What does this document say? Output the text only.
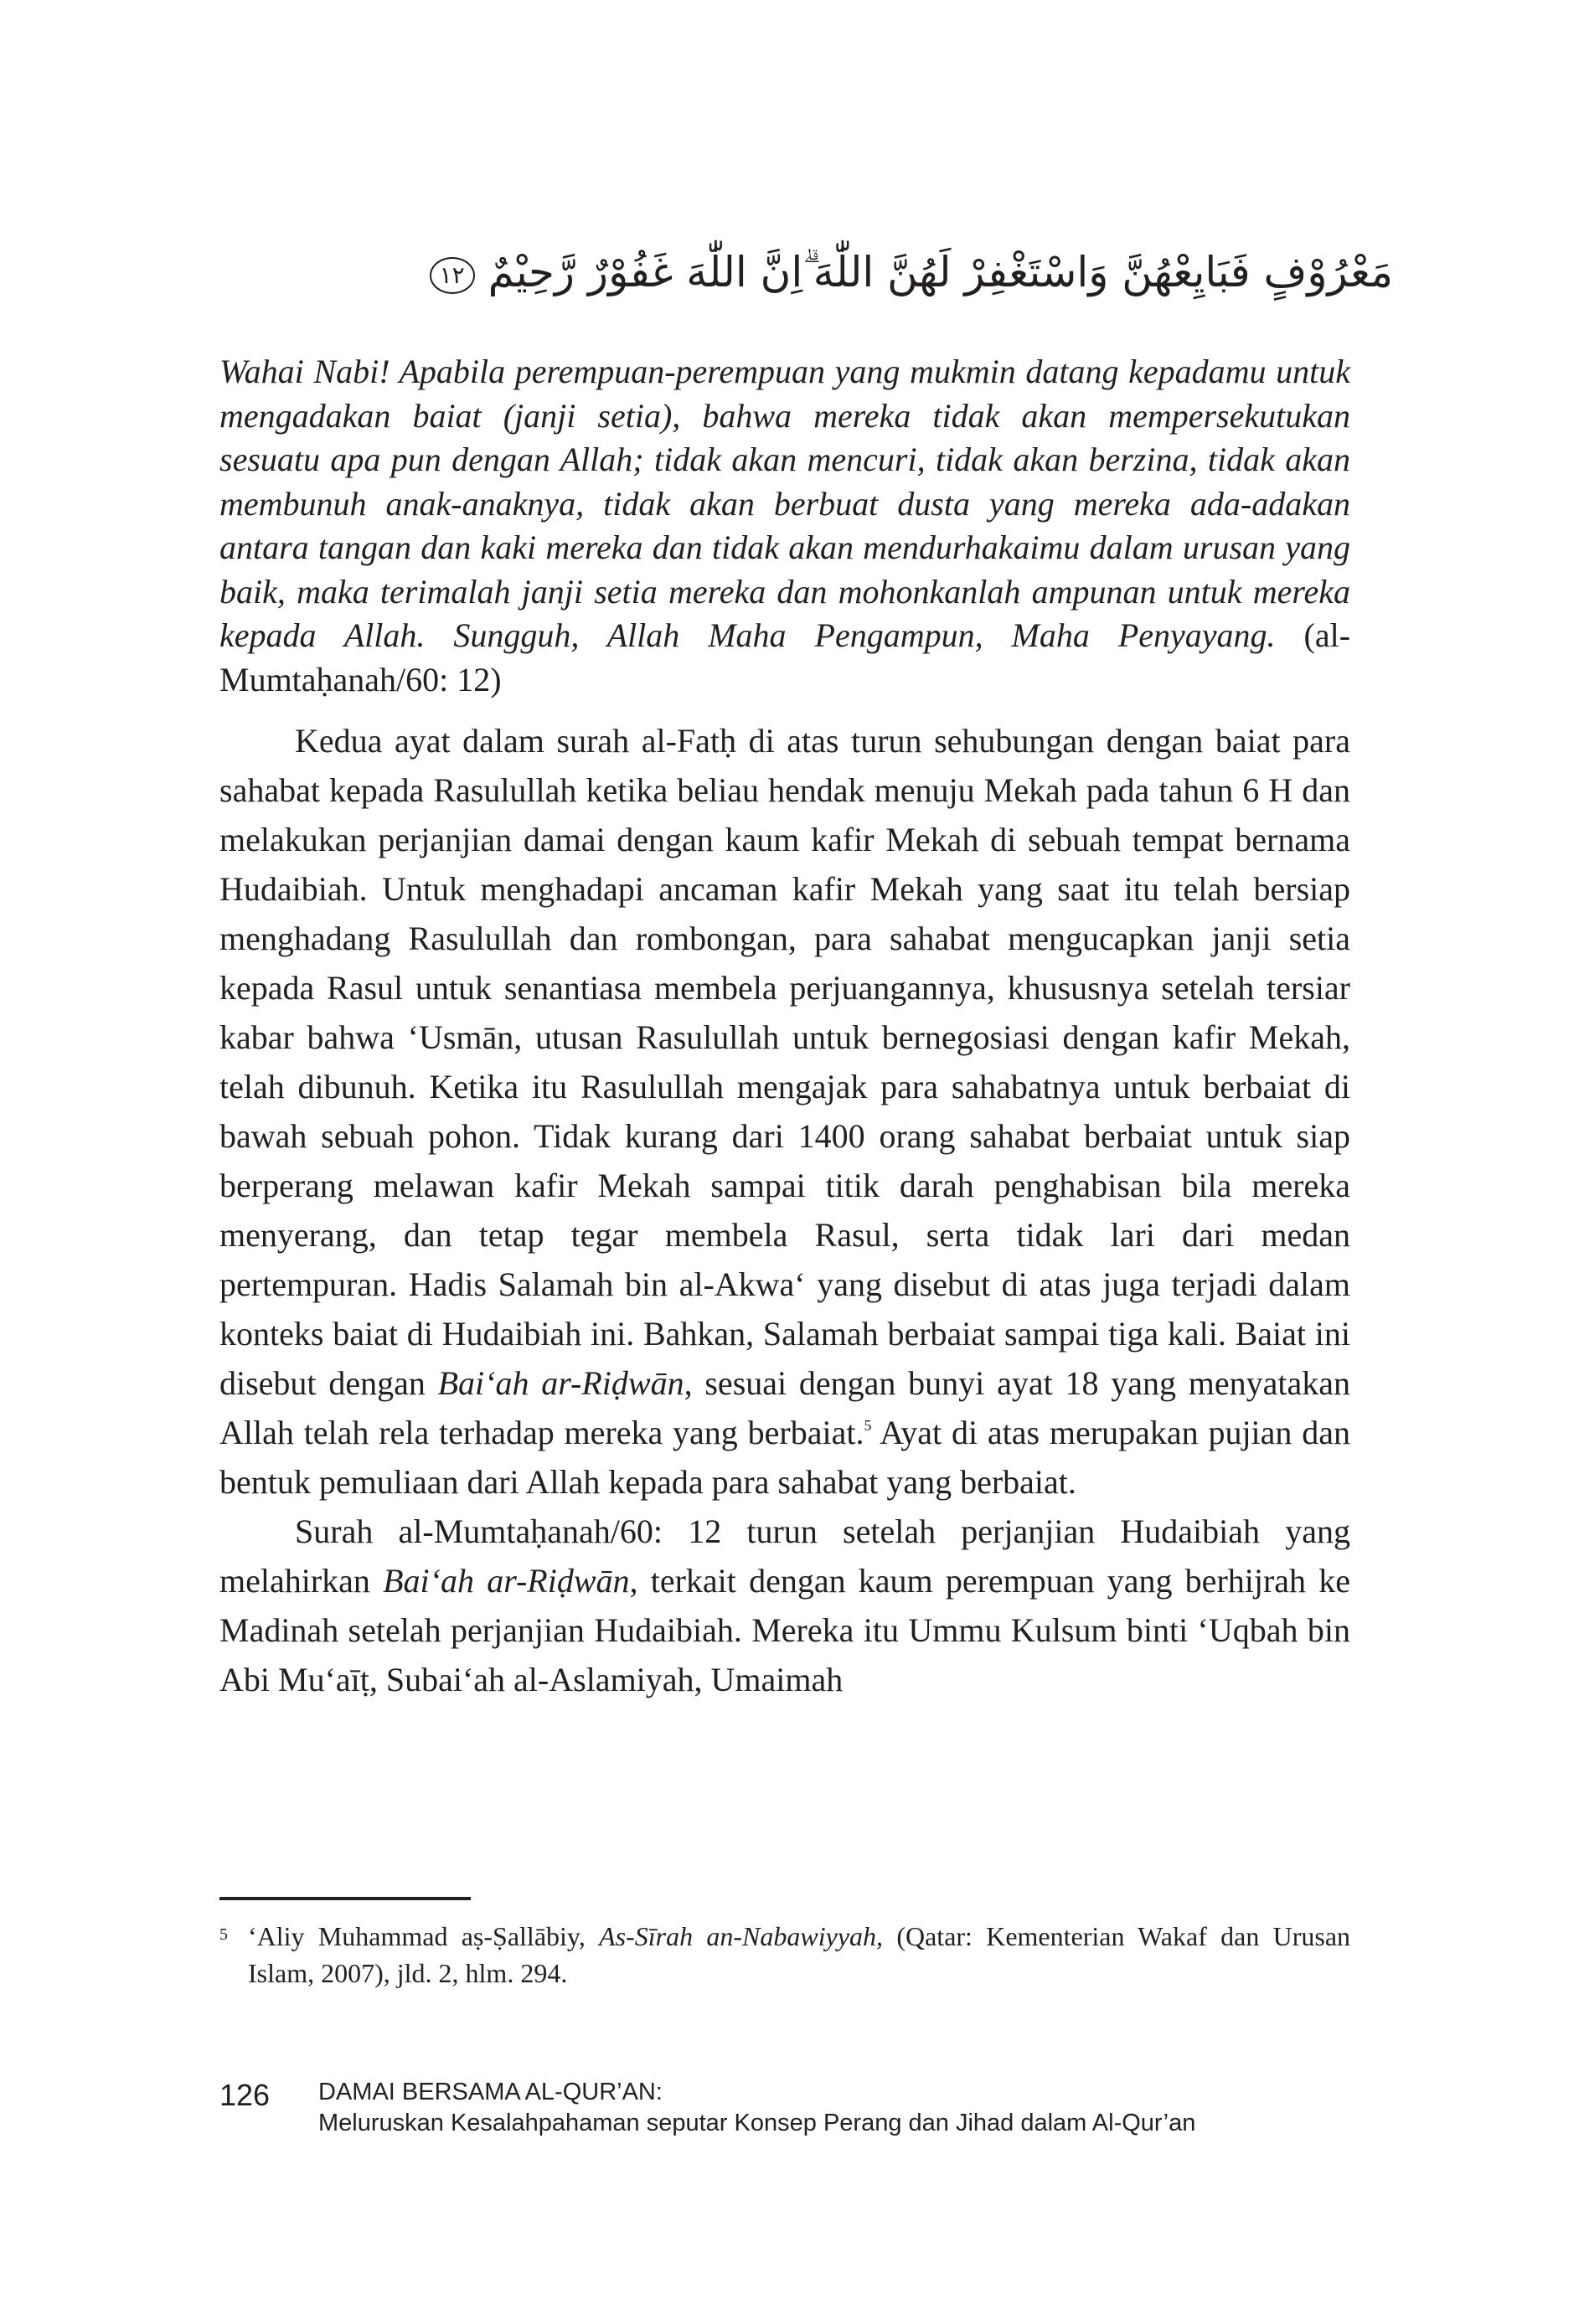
مَعْرُوْفٍ فَبَايِعْهُنَّ وَاسْتَغْفِرْ لَهُنَّ اللّٰهَ ۗاِنَّ اللّٰهَ غَفُوْرٌ رَّحِيْمٌ ١٢
Wahai Nabi! Apabila perempuan-perempuan yang mukmin datang kepadamu untuk mengadakan baiat (janji setia), bahwa mereka tidak akan mempersekutukan sesuatu apa pun dengan Allah; tidak akan mencuri, tidak akan berzina, tidak akan membunuh anak-anaknya, tidak akan berbuat dusta yang mereka ada-adakan antara tangan dan kaki mereka dan tidak akan mendurhakaimu dalam urusan yang baik, maka terimalah janji setia mereka dan mohonkanlah ampunan untuk mereka kepada Allah. Sungguh, Allah Maha Pengampun, Maha Penyayang. (al-Mumtaḥanah/60: 12)

Kedua ayat dalam surah al-Fatḥ di atas turun sehubungan dengan baiat para sahabat kepada Rasulullah ketika beliau hendak menuju Mekah pada tahun 6 H dan melakukan perjanjian damai dengan kaum kafir Mekah di sebuah tempat bernama Hudaibiah. Untuk menghadapi ancaman kafir Mekah yang saat itu telah bersiap menghadang Rasulullah dan rombongan, para sahabat mengucapkan janji setia kepada Rasul untuk senantiasa membela perjuangannya, khususnya setelah tersiar kabar bahwa ‘Usmān, utusan Rasulullah untuk bernegosiasi dengan kafir Mekah, telah dibunuh. Ketika itu Rasulullah mengajak para sahabatnya untuk berbaiat di bawah sebuah pohon. Tidak kurang dari 1400 orang sahabat berbaiat untuk siap berperang melawan kafir Mekah sampai titik darah penghabisan bila mereka menyerang, dan tetap tegar membela Rasul, serta tidak lari dari medan pertempuran. Hadis Salamah bin al-Akwa‘ yang disebut di atas juga terjadi dalam konteks baiat di Hudaibiah ini. Bahkan, Salamah berbaiat sampai tiga kali. Baiat ini disebut dengan Bai‘ah ar-Riḍwān, sesuai dengan bunyi ayat 18 yang menyatakan Allah telah rela terhadap mereka yang berbaiat.$^5$ Ayat di atas merupakan pujian dan bentuk pemuliaan dari Allah kepada para sahabat yang berbaiat.

Surah al-Mumtaḥanah/60: 12 turun setelah perjanjian Hudaibiah yang melahirkan Bai‘ah ar-Riḍwān, terkait dengan kaum perempuan yang berhijrah ke Madinah setelah perjanjian Hudaibiah. Mereka itu Ummu Kulsum binti ‘Uqbah bin Abi Mu‘aīṭ, Subai‘ah al-Aslamiyah, Umaimah

5 ‘Aliy Muhammad aṣ-Ṣallābiy, As-Sīrah an-Nabawiyyah, (Qatar: Kementerian Wakaf dan Urusan Islam, 2007), jld. 2, hlm. 294.
126 DAMAI BERSAMA AL-QUR’AN:
Meluruskan Kesalahpahaman seputar Konsep Perang dan Jihad dalam Al-Qur’an
